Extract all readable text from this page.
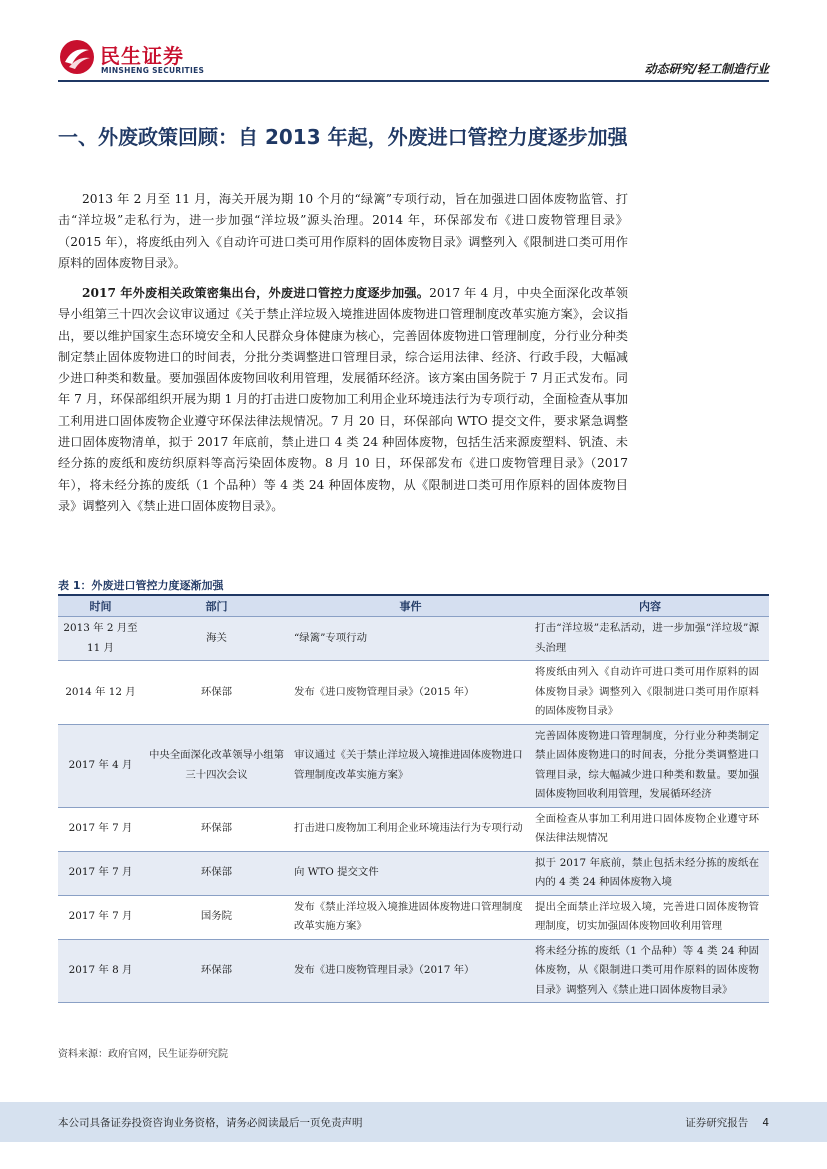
民生证券
MINSHENG SECURITIES	动态研究/轻工制造行业
一、外废政策回顾：自 2013 年起，外废进口管控力度逐步加强

2013 年 2 月至 11 月，海关开展为期 10 个月的“绿篱”专项行动，旨在加强进口固体废物监管、打击“洋垃圾”走私行为，进一步加强“洋垃圾”源头治理。2014 年，环保部发布《进口废物管理目录》（2015 年），将废纸由列入《自动许可进口类可用作原料的固体废物目录》调整列入《限制进口类可用作原料的固体废物目录》。

2017 年外废相关政策密集出台，外废进口管控力度逐步加强。2017 年 4 月，中央全面深化改革领导小组第三十四次会议审议通过《关于禁止洋垃圾入境推进固体废物进口管理制度改革实施方案》，会议指出，要以维护国家生态环境安全和人民群众身体健康为核心，完善固体废物进口管理制度，分行业分种类制定禁止固体废物进口的时间表，分批分类调整进口管理目录，综合运用法律、经济、行政手段，大幅减少进口种类和数量。要加强固体废物回收利用管理，发展循环经济。该方案由国务院于 7 月正式发布。同年 7 月，环保部组织开展为期 1 月的打击进口废物加工利用企业环境违法行为专项行动，全面检查从事加工利用进口固体废物企业遵守环保法律法规情况。7 月 20 日，环保部向 WTO 提交文件，要求紧急调整进口固体废物清单，拟于 2017 年底前，禁止进口 4 类 24 种固体废物，包括生活来源废塑料、钒渣、未经分拣的废纸和废纺织原料等高污染固体废物。8 月 10 日，环保部发布《进口废物管理目录》（2017 年），将未经分拣的废纸（1 个品种）等 4 类 24 种固体废物，从《限制进口类可用作原料的固体废物目录》调整列入《禁止进口固体废物目录》。

表 1：外废进口管控力度逐渐加强
时间	部门	事件	内容
2013 年 2 月至 11 月	海关	“绿篱”专项行动	打击“洋垃圾”走私活动，进一步加强“洋垃圾”源头治理
2014 年 12 月	环保部	发布《进口废物管理目录》（2015 年）	将废纸由列入《自动许可进口类可用作原料的固体废物目录》调整列入《限制进口类可用作原料的固体废物目录》
2017 年 4 月	中央全面深化改革领导小组第三十四次会议	审议通过《关于禁止洋垃圾入境推进固体废物进口管理制度改革实施方案》	完善固体废物进口管理制度，分行业分种类制定禁止固体废物进口的时间表，分批分类调整进口管理目录，综大幅减少进口种类和数量。要加强固体废物回收利用管理，发展循环经济
2017 年 7 月	环保部	打击进口废物加工利用企业环境违法行为专项行动	全面检查从事加工利用进口固体废物企业遵守环保法律法规情况
2017 年 7 月	环保部	向 WTO 提交文件	拟于 2017 年底前，禁止包括未经分拣的废纸在内的 4 类 24 种固体废物入境
2017 年 7 月	国务院	发布《禁止洋垃圾入境推进固体废物进口管理制度改革实施方案》	提出全面禁止洋垃圾入境，完善进口固体废物管理制度，切实加强固体废物回收利用管理
2017 年 8 月	环保部	发布《进口废物管理目录》（2017 年）	将未经分拣的废纸（1 个品种）等 4 类 24 种固体废物，从《限制进口类可用作原料的固体废物目录》调整列入《禁止进口固体废物目录》
资料来源：政府官网，民生证券研究院
本公司具备证券投资咨询业务资格，请务必阅读最后一页免责声明	证券研究报告 4
